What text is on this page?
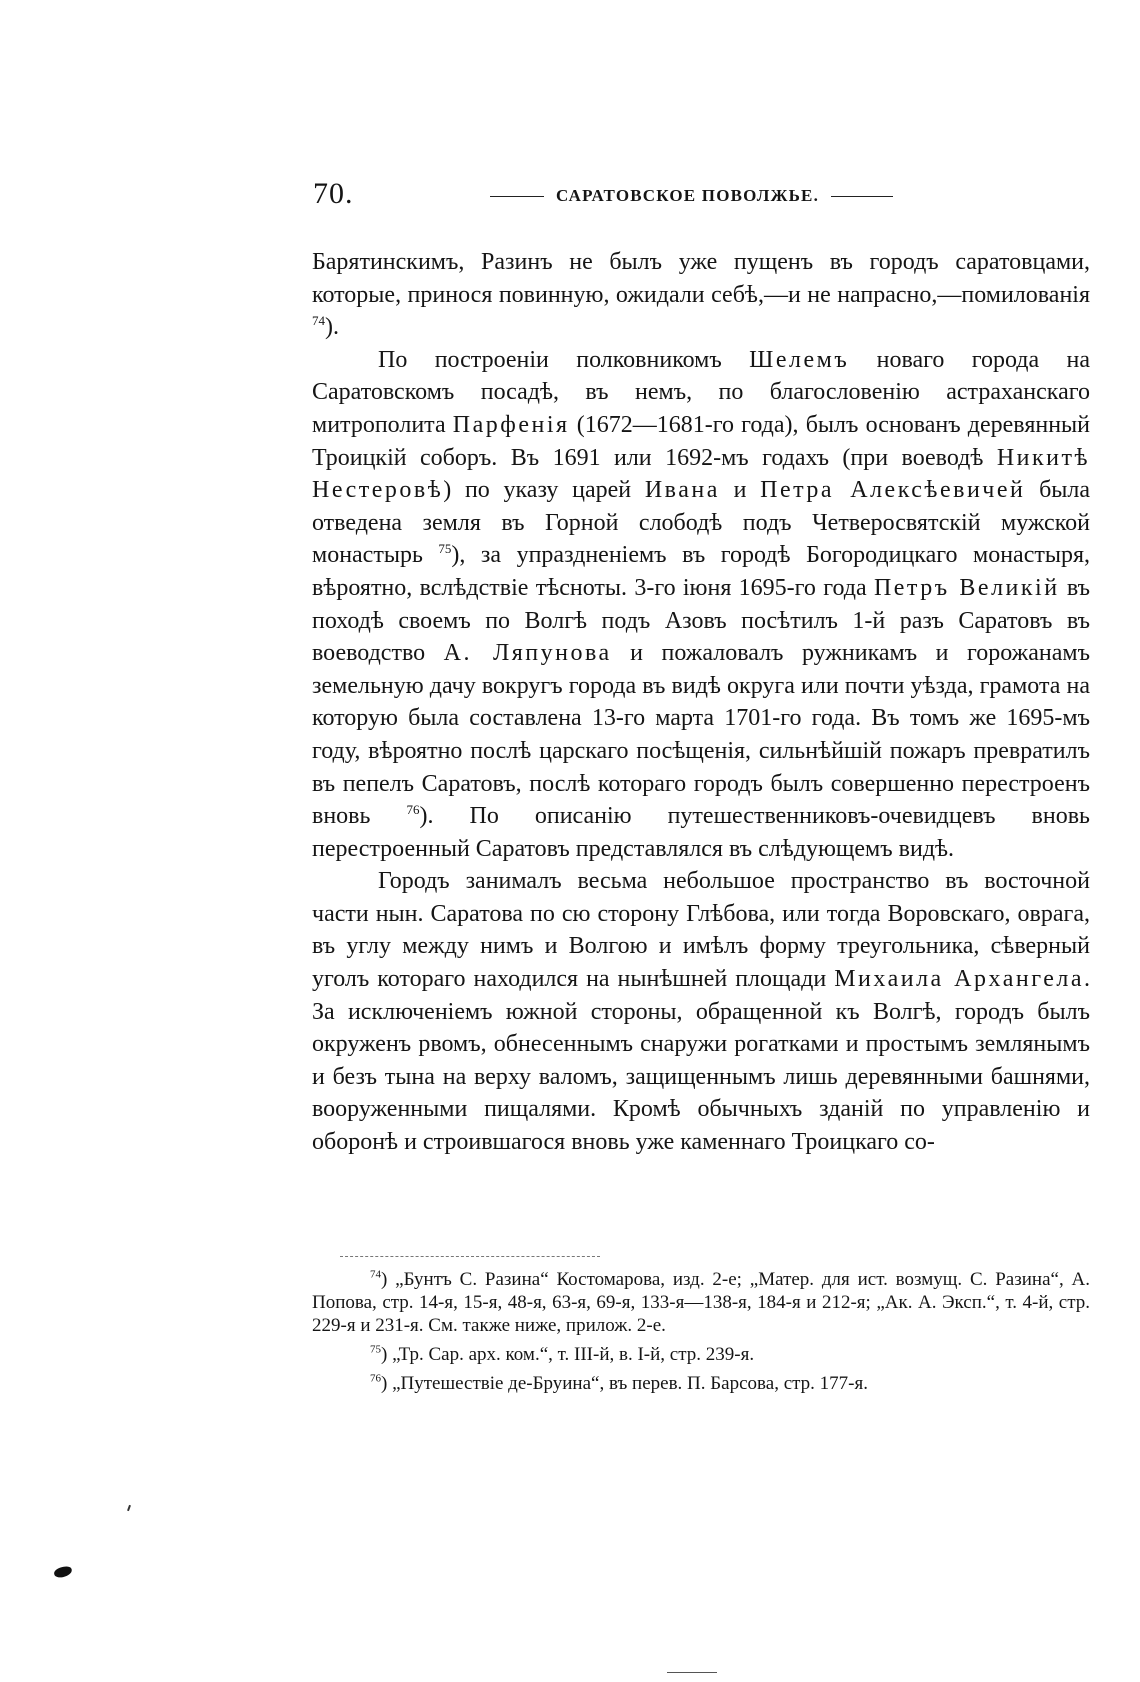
70.	САРАТОВСКОЕ ПОВОЛЖЬЕ.

Барятинскимъ, Разинъ не былъ уже пущенъ въ городъ саратовцами, которые, принося повинную, ожидали себѣ,—и не напрасно,—помилованія $^{74}$).

По построеніи полковникомъ Шелемъ новаго города на Саратовскомъ посадѣ, въ немъ, по благословенію астраханскаго митрополита Парфенія (1672—1681-го года), былъ основанъ деревянный Троицкій соборъ. Въ 1691 или 1692-мъ годахъ (при воеводѣ Никитѣ Нестеровѣ) по указу царей Ивана и Петра Алексѣевичей была отведена земля въ Горной слободѣ подъ Четверосвятскій мужской монастырь $^{75}$), за упраздненіемъ въ городѣ Богородицкаго монастыря, вѣроятно, вслѣдствіе тѣсноты. 3-го іюня 1695-го года Петръ Великій въ походѣ своемъ по Волгѣ подъ Азовъ посѣтилъ 1-й разъ Саратовъ въ воеводство А. Ляпунова и пожаловалъ ружникамъ и горожанамъ земельную дачу вокругъ города въ видѣ округа или почти уѣзда, грамота на которую была составлена 13-го марта 1701-го года. Въ томъ же 1695-мъ году, вѣроятно послѣ царскаго посѣщенія, сильнѣйшій пожаръ превратилъ въ пепелъ Саратовъ, послѣ котораго городъ былъ совершенно перестроенъ вновь	$^{76}$). По описанію путешественниковъ-очевидцевъ вновь перестроенный Саратовъ представлялся въ слѣдующемъ видѣ.

Городъ занималъ весьма небольшое пространство въ восточной части нын. Саратова по сю сторону Глѣбова, или тогда Воровскаго, оврага, въ углу между нимъ и Волгою и имѣлъ форму треугольника, сѣверный уголъ котораго находился на нынѣшней площади Михаила Архангела. За исключеніемъ южной стороны, обращенной къ Волгѣ, городъ былъ окруженъ рвомъ, обнесеннымъ снаружи рогатками и простымъ землянымъ и безъ тына на верху валомъ, защищеннымъ лишь деревянными башнями, вооруженными пищалями. Кромѣ обычныхъ зданій по управленію и оборонѣ и строившагося вновь уже каменнаго Троицкаго со-

$^{74}$) „Бунтъ С. Разина“ Костомарова, изд. 2-е; „Матер. для ист. возмущ. С. Разина“, А. Попова, стр. 14-я, 15-я, 48-я, 63-я, 69-я, 133-я—138-я, 184-я и 212-я; „Ак. А. Эксп.“, т. 4-й, стр. 229-я и 231-я. См. также ниже, прилож. 2-е.

$^{75}$) „Тр. Сар. арх. ком.“, т. III-й, в. I-й, стр. 239-я.

$^{76}$) „Путешествіе де-Бруина“, въ перев. П. Барсова, стр. 177-я.
